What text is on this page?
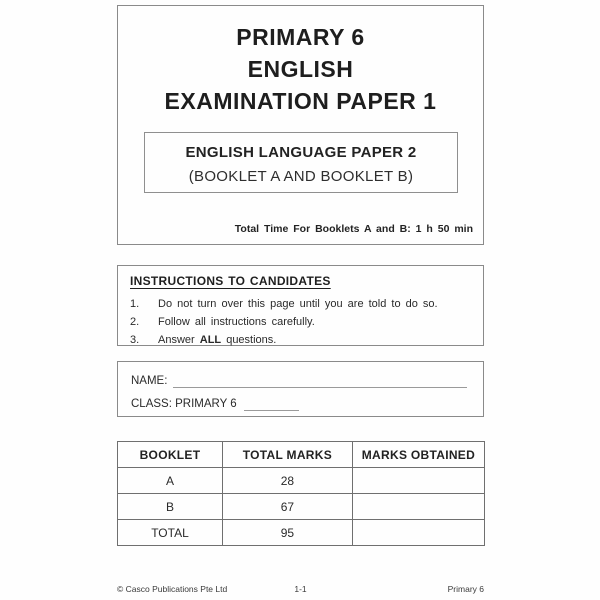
PRIMARY 6
ENGLISH
EXAMINATION PAPER 1
ENGLISH LANGUAGE PAPER 2
(BOOKLET A AND BOOKLET B)
Total Time For Booklets A and B: 1 h 50 min
INSTRUCTIONS TO CANDIDATES
1.	Do not turn over this page until you are told to do so.
2.	Follow all instructions carefully.
3.	Answer ALL questions.
NAME:
CLASS: PRIMARY 6
BOOKLET	TOTAL MARKS	MARKS OBTAINED
A	28	
B	67	
TOTAL	95	
1-1
© Casco Publications Pte Ltd	Primary 6
